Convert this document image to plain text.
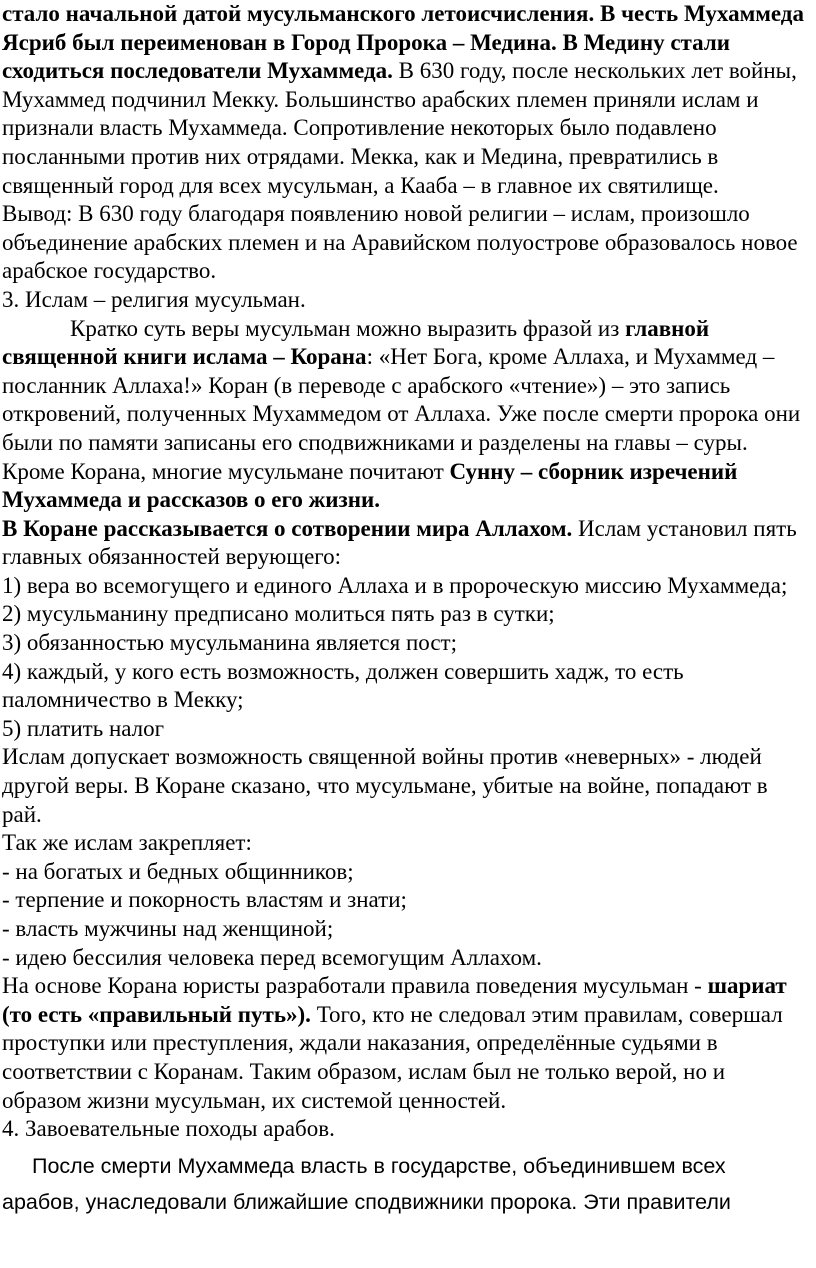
стало начальной датой мусульманского летоисчисления. В честь Мухаммеда Ясриб был переименован в Город Пророка – Медина. В Медину стали сходиться последователи Мухаммеда. В 630 году, после нескольких лет войны, Мухаммед подчинил Мекку. Большинство арабских племен приняли ислам и признали власть Мухаммеда. Сопротивление некоторых было подавлено посланными против них отрядами. Мекка, как и Медина, превратились в священный город для всех мусульман, а Кааба – в главное их святилище.

Вывод: В 630 году благодаря появлению новой религии – ислам, произошло объединение арабских племен и на Аравийском полуострове образовалось новое арабское государство.

3. Ислам – религия мусульман.

Кратко суть веры мусульман можно выразить фразой из главной священной книги ислама – Корана: «Нет Бога, кроме Аллаха, и Мухаммед – посланник Аллаха!» Коран (в переводе с арабского «чтение») – это запись откровений, полученных Мухаммедом от Аллаха. Уже после смерти пророка они были по памяти записаны его сподвижниками и разделены на главы – суры. Кроме Корана, многие мусульмане почитают Сунну – сборник изречений Мухаммеда и рассказов о его жизни.

В Коране рассказывается о сотворении мира Аллахом. Ислам установил пять главных обязанностей верующего:

1) вера во всемогущего и единого Аллаха и в пророческую миссию Мухаммеда;

2) мусульманину предписано молиться пять раз в сутки;

3) обязанностью мусульманина является пост;

4) каждый, у кого есть возможность, должен совершить хадж, то есть паломничество в Мекку;

5) платить налог

Ислам допускает возможность священной войны против «неверных» - людей другой веры. В Коране сказано, что мусульмане, убитые на войне, попадают в рай.

Так же ислам закрепляет:

- на богатых и бедных общинников;

- терпение и покорность властям и знати;

- власть мужчины над женщиной;

- идею бессилия человека перед всемогущим Аллахом.

На основе Корана юристы разработали правила поведения мусульман - шариат (то есть «правильный путь»). Того, кто не следовал этим правилам, совершал проступки или преступления, ждали наказания, определённые судьями в соответствии с Коранам. Таким образом, ислам был не только верой, но и образом жизни мусульман, их системой ценностей.

4. Завоевательные походы арабов.

После смерти Мухаммеда власть в государстве, объединившем всех арабов, унаследовали ближайшие сподвижники пророка. Эти правители
